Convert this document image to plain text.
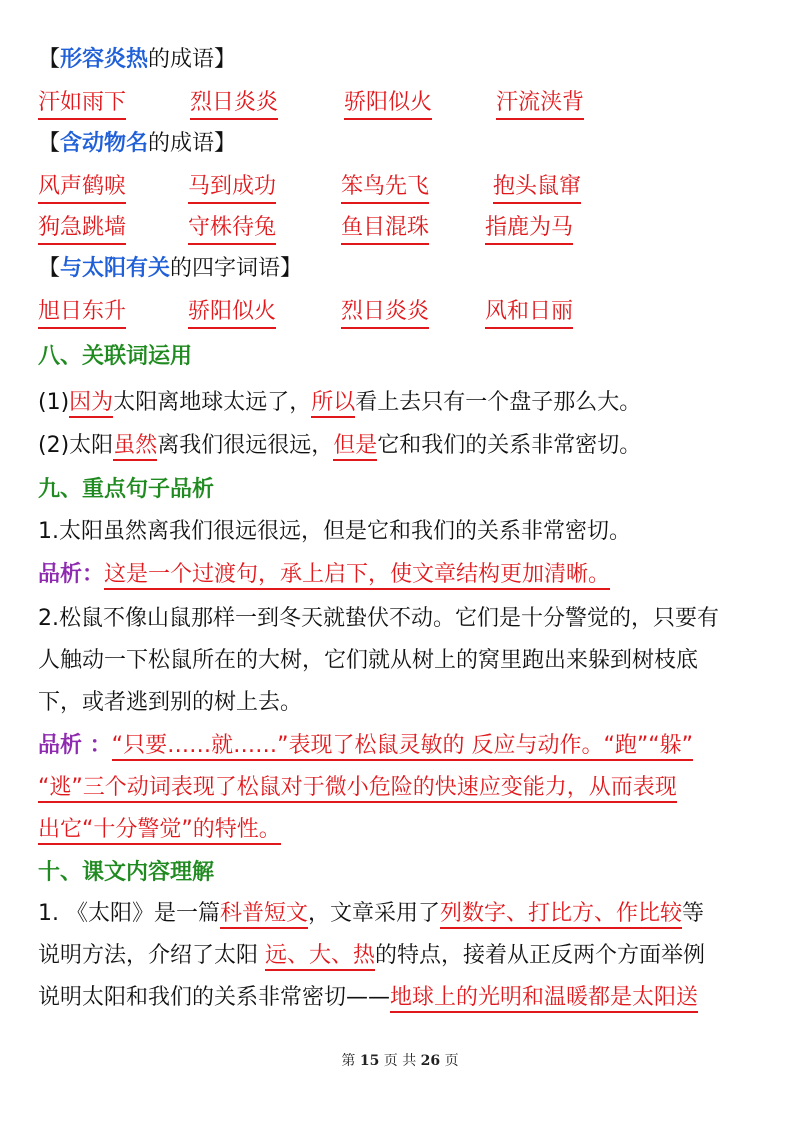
【形容炎热的成语】
汗如雨下	烈日炎炎	骄阳似火	汗流浃背
【含动物名的成语】
风声鹤唳	马到成功	笨鸟先飞	抱头鼠窜
狗急跳墙	守株待兔	鱼目混珠	指鹿为马
【与太阳有关的四字词语】
旭日东升	骄阳似火	烈日炎炎	风和日丽
八、关联词运用
(1)因为太阳离地球太远了，所以看上去只有一个盘子那么大。
(2)太阳虽然离我们很远很远，但是它和我们的关系非常密切。
九、重点句子品析
1.太阳虽然离我们很远很远，但是它和我们的关系非常密切。
品析：这是一个过渡句，承上启下，使文章结构更加清晰。
2.松鼠不像山鼠那样一到冬天就蛰伏不动。它们是十分警觉的，只要有
人触动一下松鼠所在的大树，它们就从树上的窝里跑出来躲到树枝底
下，或者逃到别的树上去。
品析 ：“只要……就……”表现了松鼠灵敏的 反应与动作。“跑”“躲”
“逃”三个动词表现了松鼠对于微小危险的快速应变能力，从而表现
出它“十分警觉”的特性。
十、课文内容理解
1. 《太阳》是一篇科普短文，文章采用了列数字、打比方、作比较等
说明方法，介绍了太阳 远、大、热的特点，接着从正反两个方面举例
说明太阳和我们的关系非常密切——地球上的光明和温暖都是太阳送
第 15 页 共 26 页
